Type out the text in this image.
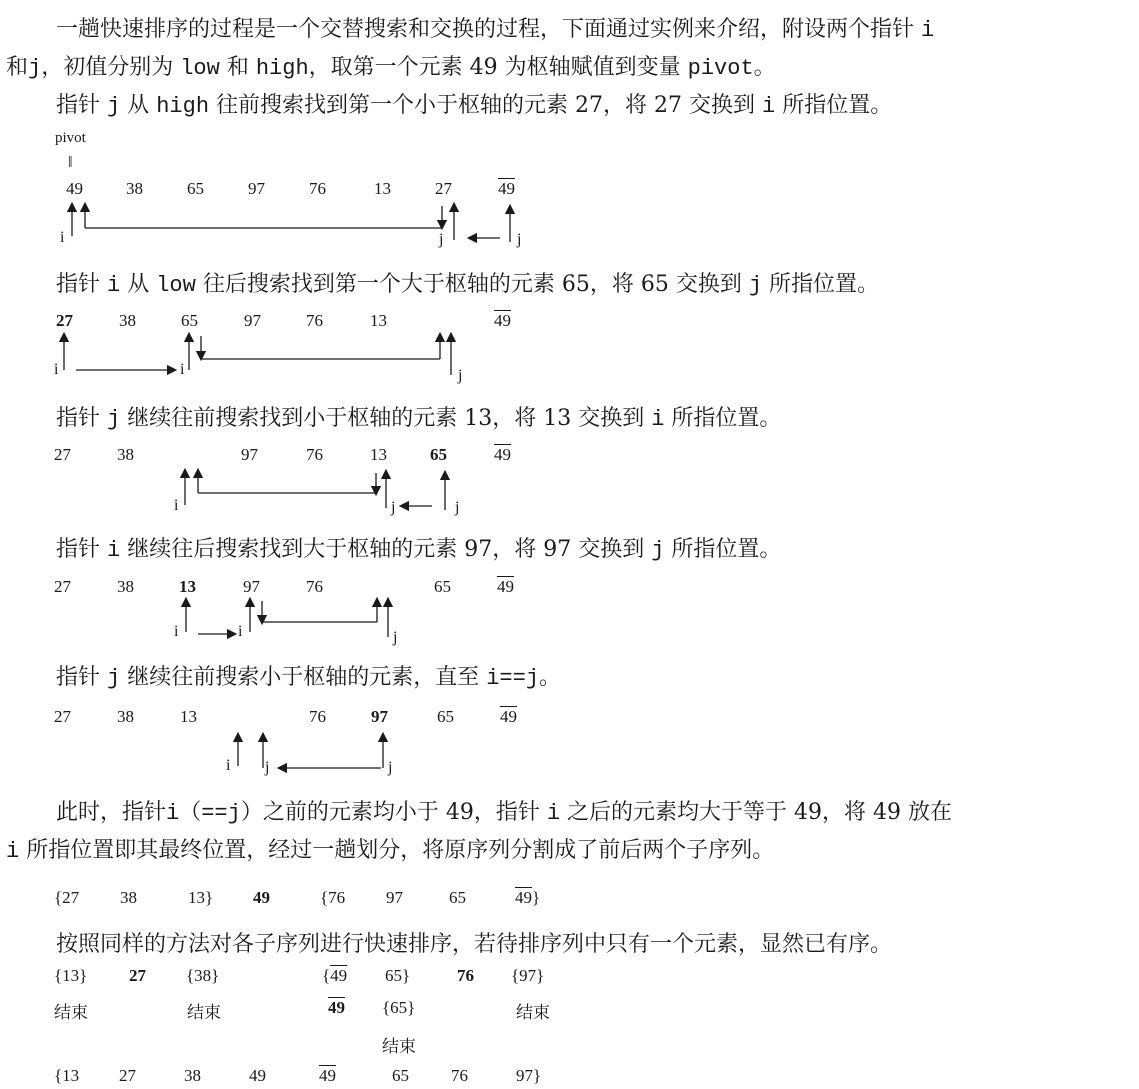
一趟快速排序的过程是一个交替搜索和交换的过程，下面通过实例来介绍，附设两个指针 i

和j，初值分别为 low 和 high，取第一个元素 49 为枢轴赋值到变量 pivot。

指针 j 从 high 往前搜索找到第一个小于枢轴的元素 27，将 27 交换到 i 所指位置。

pivot
‖
49	38	65	97	76	13	27	49
i	j	j

指针 i 从 low 往后搜索找到第一个大于枢轴的元素 65，将 65 交换到 j 所指位置。

27	38	65	97	76	13	49
i	i	j

指针 j 继续往前搜索找到小于枢轴的元素 13，将 13 交换到 i 所指位置。

27	38	97	76	13	65	49
i	j	j

指针 i 继续往后搜索找到大于枢轴的元素 97，将 97 交换到 j 所指位置。

27	38	13	97	76	65	49
i	i	j

指针 j 继续往前搜索小于枢轴的元素，直至 i==j。

27	38	13	76	97	65	49
i j	j

此时，指针i（==j）之前的元素均小于 49，指针 i 之后的元素均大于等于 49，将 49 放在

i 所指位置即其最终位置，经过一趟划分，将原序列分割成了前后两个子序列。

{27 38	13} 49	{76 97	65	49}

按照同样的方法对各子序列进行快速排序，若待排序列中只有一个元素，显然已有序。

{13} 27 {38}	{49 65}	76 {97}
结束	结束	49 {65}	结束
结束
{13 27	38	49	49	65 76	97}
